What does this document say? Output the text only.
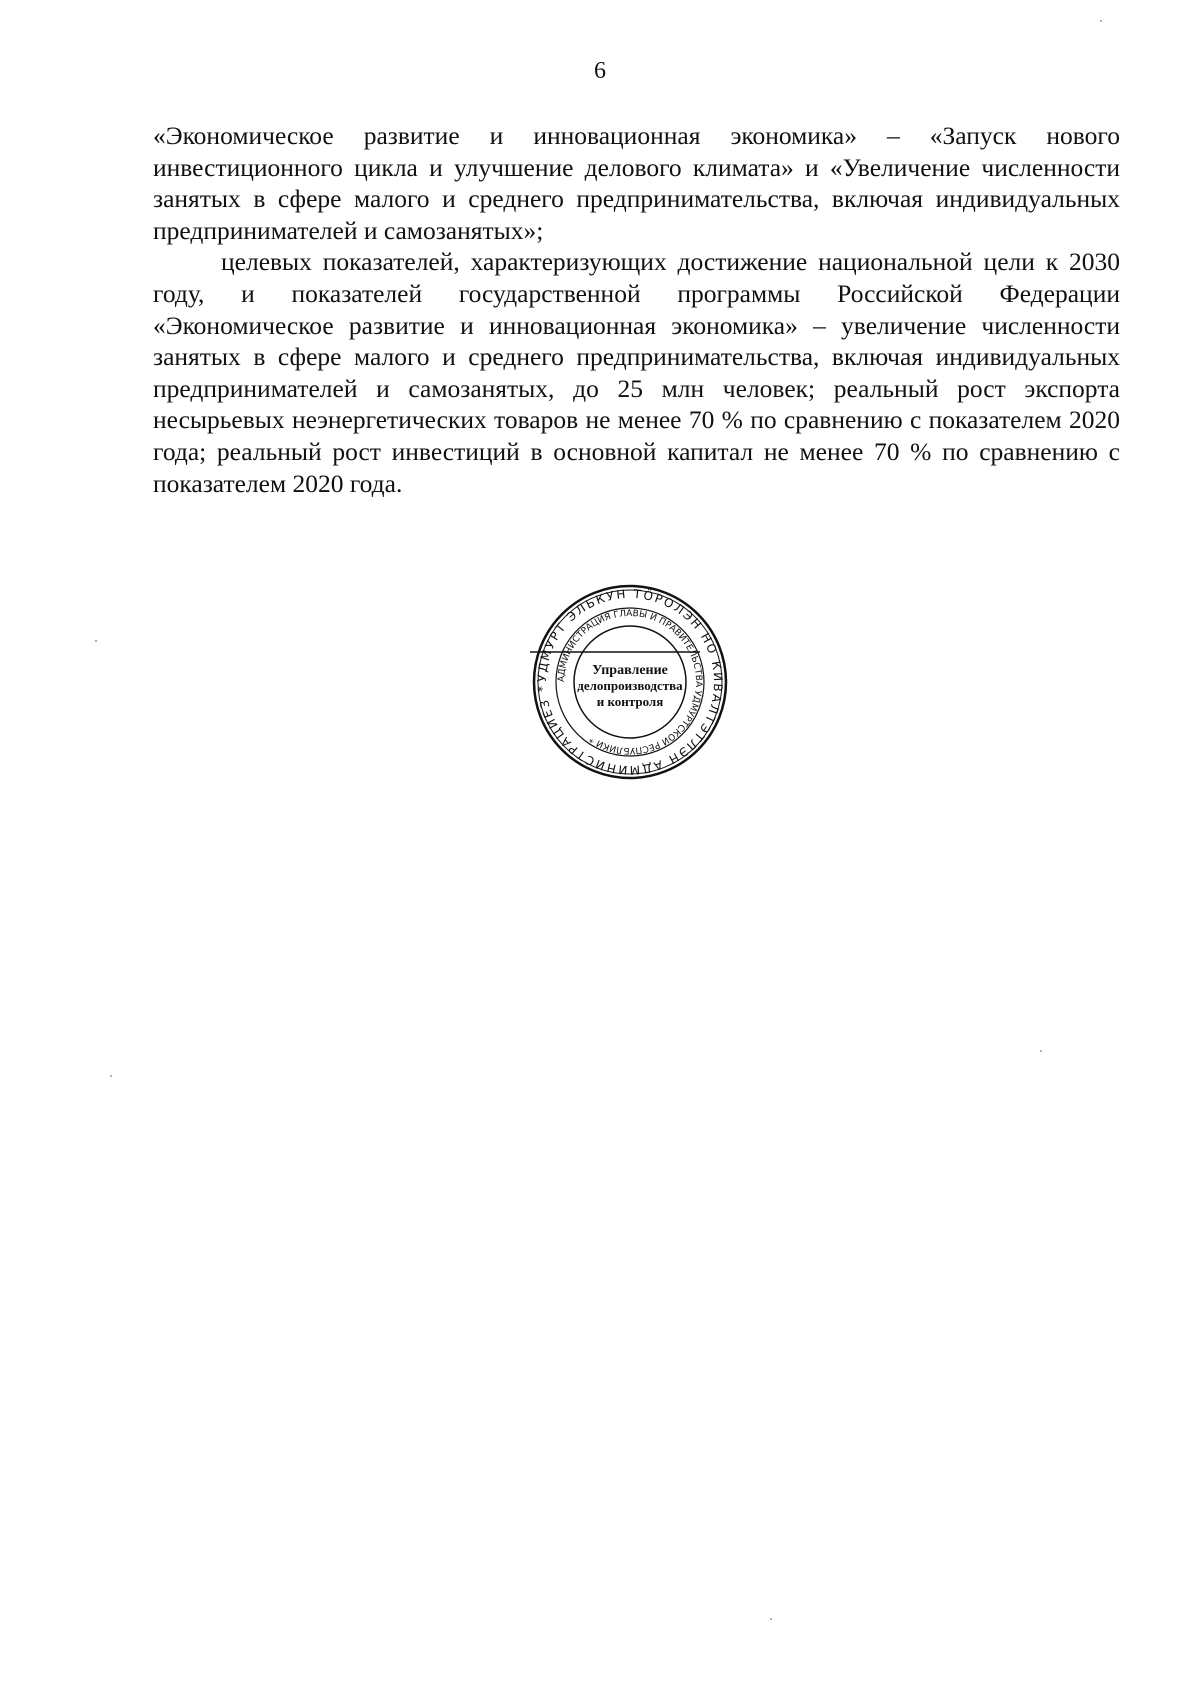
6

«Экономическое развитие и инновационная экономика» – «Запуск нового инвестиционного цикла и улучшение делового климата» и «Увеличение численности занятых в сфере малого и среднего предпринимательства, включая индивидуальных предпринимателей и самозанятых»;

целевых показателей, характеризующих достижение национальной цели к 2030 году, и показателей государственной программы Российской Федерации «Экономическое развитие и инновационная экономика» – увеличение численности занятых в сфере малого и среднего предпринимательства, включая индивидуальных предпринимателей и самозанятых, до 25 млн человек; реальный рост экспорта несырьевых неэнергетических товаров не менее 70 % по сравнению с показателем 2020 года; реальный рост инвестиций в основной капитал не менее 70 % по сравнению с показателем 2020 года.

УДМУРТ ЭЛЬКУН ТӦРОЛЭН НО КИВАЛТЭТЛЭН АДМИНИСТРАЦИЕЗ *
АДМИНИСТРАЦИЯ ГЛАВЫ И ПРАВИТЕЛЬСТВА УДМУРТСКОЙ РЕСПУБЛИКИ *
Управление
делопроизводства
и контроля
